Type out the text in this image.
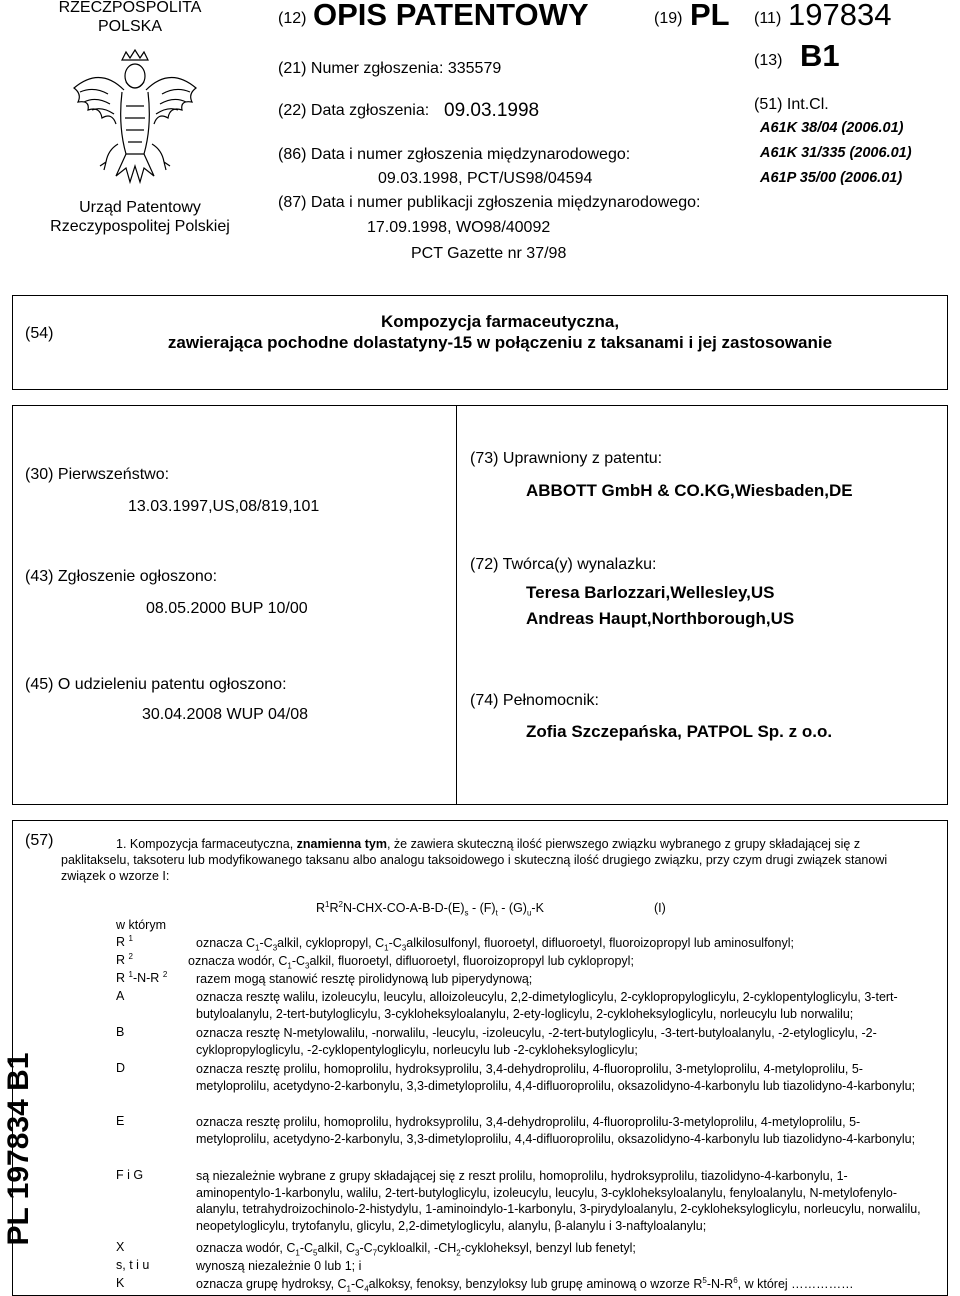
RZECZPOSPOLITA POLSKA
Urząd Patentowy Rzeczypospolitej Polskiej
(12) OPIS PATENTOWY	(19) PL
(21) Numer zgłoszenia: 335579
(22) Data zgłoszenia: 09.03.1998
(86) Data i numer zgłoszenia międzynarodowego:
09.03.1998, PCT/US98/04594
(87) Data i numer publikacji zgłoszenia międzynarodowego:
17.09.1998, WO98/40092
PCT Gazette nr 37/98
(11) 197834
(13) B1
(51) Int.Cl.
A61K 38/04 (2006.01)
A61K 31/335 (2006.01)
A61P 35/00 (2006.01)
(54)
Kompozycja farmaceutyczna,
zawierająca pochodne dolastatyny-15 w połączeniu z taksanami i jej zastosowanie
(30) Pierwszeństwo:
13.03.1997,US,08/819,101
(43) Zgłoszenie ogłoszono:
08.05.2000 BUP 10/00
(45) O udzieleniu patentu ogłoszono:
30.04.2008 WUP 04/08
(73) Uprawniony z patentu:
ABBOTT GmbH & CO.KG,Wiesbaden,DE
(72) Twórca(y) wynalazku:
Teresa Barlozzari,Wellesley,US
Andreas Haupt,Northborough,US
(74) Pełnomocnik:
Zofia Szczepańska, PATPOL Sp. z o.o.
(57)	1. Kompozycja farmaceutyczna, znamienna tym, że zawiera skuteczną ilość pierwszego związku wybranego z grupy składającej się z paklitakselu, taksoteru lub modyfikowanego taksanu albo analogu taksoidowego i skuteczną ilość drugiego związku, przy czym drugi związek stanowi związek o wzorze I:
$R^1R^2N-CHX-CO-A-B-D-(E)_s - (F)_t - (G)_u-K$	(I)
w którym
R $^1$	oznacza $C_1-C_3alkil$, cyklopropyl, $C_1-C_3alkilosulfonyl$, fluoroetyl, difluoroetyl, fluoroizopropyl lub aminosulfonyl;
R $^2$	oznacza wodór, $C_1-C_3alkil$, fluoroetyl, difluoroetyl, fluoroizopropyl lub cyklopropyl;
R $^1$-N-R $^2$	razem mogą stanowić resztę pirolidynową lub piperydynową;
A	oznacza resztę walilu, izoleucylu, leucylu, alloizoleucylu, 2,2-dimetyloglicylu, 2-cyklopropyloglicylu, 2-cyklopentyloglicylu, 3-tert-butyloalanylu, 2-tert-butyloglicylu, 3-cykloheksyloalanylu, 2-ety-loglicylu, 2-cykloheksyloglicylu, norleucylu lub norwalilu;
B	oznacza resztę N-metylowalilu, -norwalilu, -leucylu, -izoleucylu, -2-tert-butyloglicylu, -3-tert-butyloalanylu, -2-etyloglicylu, -2-cyklopropyloglicylu, -2-cyklopentyloglicylu, norleucylu lub -2-cykloheksyloglicylu;
D	oznacza resztę prolilu, homoprolilu, hydroksyprolilu, 3,4-dehydroprolilu, 4-fluoroprolilu, 3-metyloprolilu, 4-metyloprolilu, 5-metyloprolilu, acetydyno-2-karbonylu, 3,3-dimetyloprolilu, 4,4-difluoroprolilu, oksazolidyno-4-karbonylu lub tiazolidyno-4-karbonylu;
E	oznacza resztę prolilu, homoprolilu, hydroksyprolilu, 3,4-dehydroprolilu, 4-fluoroprolilu-3-metyloprolilu, 4-metyloprolilu, 5-metyloprolilu, acetydyno-2-karbonylu, 3,3-dimetyloprolilu, 4,4-difluoroprolilu, oksazolidyno-4-karbonylu lub tiazolidyno-4-karbonylu;
F i G	są niezależnie wybrane z grupy składającej się z reszt prolilu, homoprolilu, hydroksyprolilu, tiazolidyno-4-karbonylu, 1-aminopentylo-1-karbonylu, walilu, 2-tert-butyloglicylu, izoleucylu, leucylu, 3-cykloheksyloalanylu, fenyloalanylu, N-metylofenylo-alanylu, tetrahydroizochinolo-2-histydylu, 1-aminoindylo-1-karbonylu, 3-pirydyloalanylu, 2-cykloheksyloglicylu, norleucylu, norwalilu, neopetyloglicylu, trytofanylu, glicylu, 2,2-dimetyloglicylu, alanylu, β-alanylu i 3-naftyloalanylu;
X	oznacza wodór, $C_1-C_5alkil$, $C_3-C_7cykloalkil$, $-CH_2$-cykloheksyl, benzyl lub fenetyl;
s, t i u	wynoszą niezależnie 0 lub 1; i
K	oznacza grupę hydroksy, $C_1-C_4alkoksy$, fenoksy, benzyloksy lub grupę aminową o wzorze $R^5-N-R^6$, w której ……………
PL 197834 B1
